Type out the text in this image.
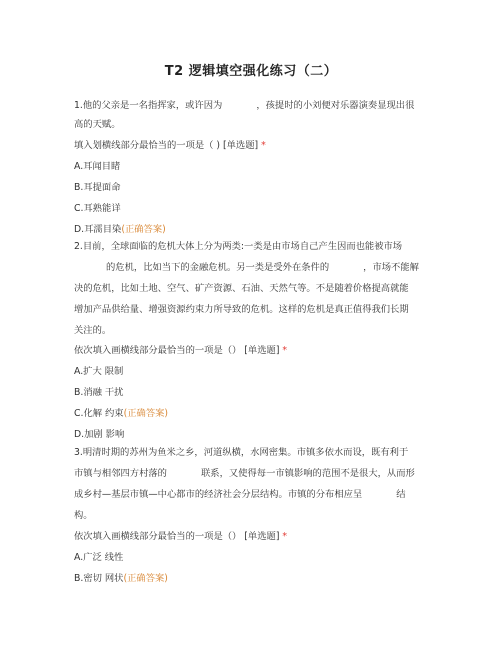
T2 逻辑填空强化练习（二）
1.他的父亲是一名指挥家，或许因为	，孩提时的小刘便对乐器演奏显现出很
高的天赋。
填入划横线部分最恰当的一项是（ ) [单选题] *
A.耳闻目睹
B.耳提面命
C.耳熟能详
D.耳濡目染(正确答案)
2.目前，全球面临的危机大体上分为两类:一类是由市场自己产生因而也能被市场
的危机，比如当下的金融危机。另一类是受外在条件的	，市场不能解
决的危机，比如土地、空气、矿产资源、石油、天然气等。不是随着价格提高就能
增加产品供给量、增强资源约束力所导致的危机。这样的危机是真正值得我们长期
关注的。
依次填入画横线部分最恰当的一项是（） [单选题] *
A.扩大 限制
B.消融 干扰
C.化解 约束(正确答案)
D.加剧 影响
3.明清时期的苏州为鱼米之乡，河道纵横，水网密集。市镇多依水而设，既有利于
市镇与相邻四方村落的	联系，又使得每一市镇影响的范围不是很大，从而形
成乡村—基层市镇—中心都市的经济社会分层结构。市镇的分布相应呈	结
构。
依次填入画横线部分最恰当的一项是（） [单选题] *
A.广泛 线性
B.密切 网状(正确答案)
